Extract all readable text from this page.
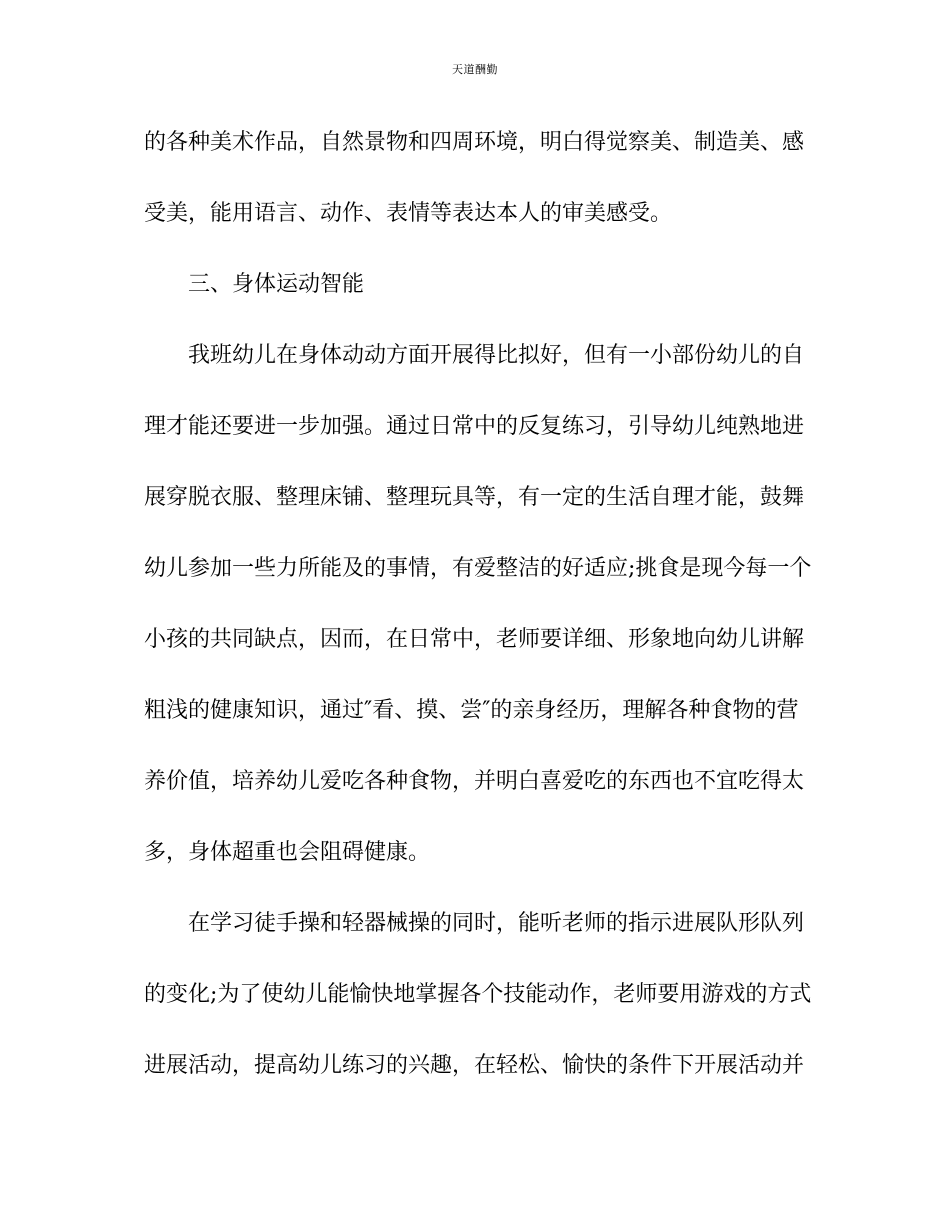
天道酬勤
的各种美术作品，自然景物和四周环境，明白得觉察美、制造美、感
受美，能用语言、动作、表情等表达本人的审美感受。
三、身体运动智能
我班幼儿在身体动动方面开展得比拟好，但有一小部份幼儿的自
理才能还要进一步加强。通过日常中的反复练习，引导幼儿纯熟地进
展穿脱衣服、整理床铺、整理玩具等，有一定的生活自理才能，鼓舞
幼儿参加一些力所能及的事情，有爱整洁的好适应;挑食是现今每一个
小孩的共同缺点，因而，在日常中，老师要详细、形象地向幼儿讲解
粗浅的健康知识，通过″看、摸、尝″的亲身经历，理解各种食物的营
养价值，培养幼儿爱吃各种食物，并明白喜爱吃的东西也不宜吃得太
多，身体超重也会阻碍健康。
在学习徒手操和轻器械操的同时，能听老师的指示进展队形队列
的变化;为了使幼儿能愉快地掌握各个技能动作，老师要用游戏的方式
进展活动，提高幼儿练习的兴趣，在轻松、愉快的条件下开展活动并
